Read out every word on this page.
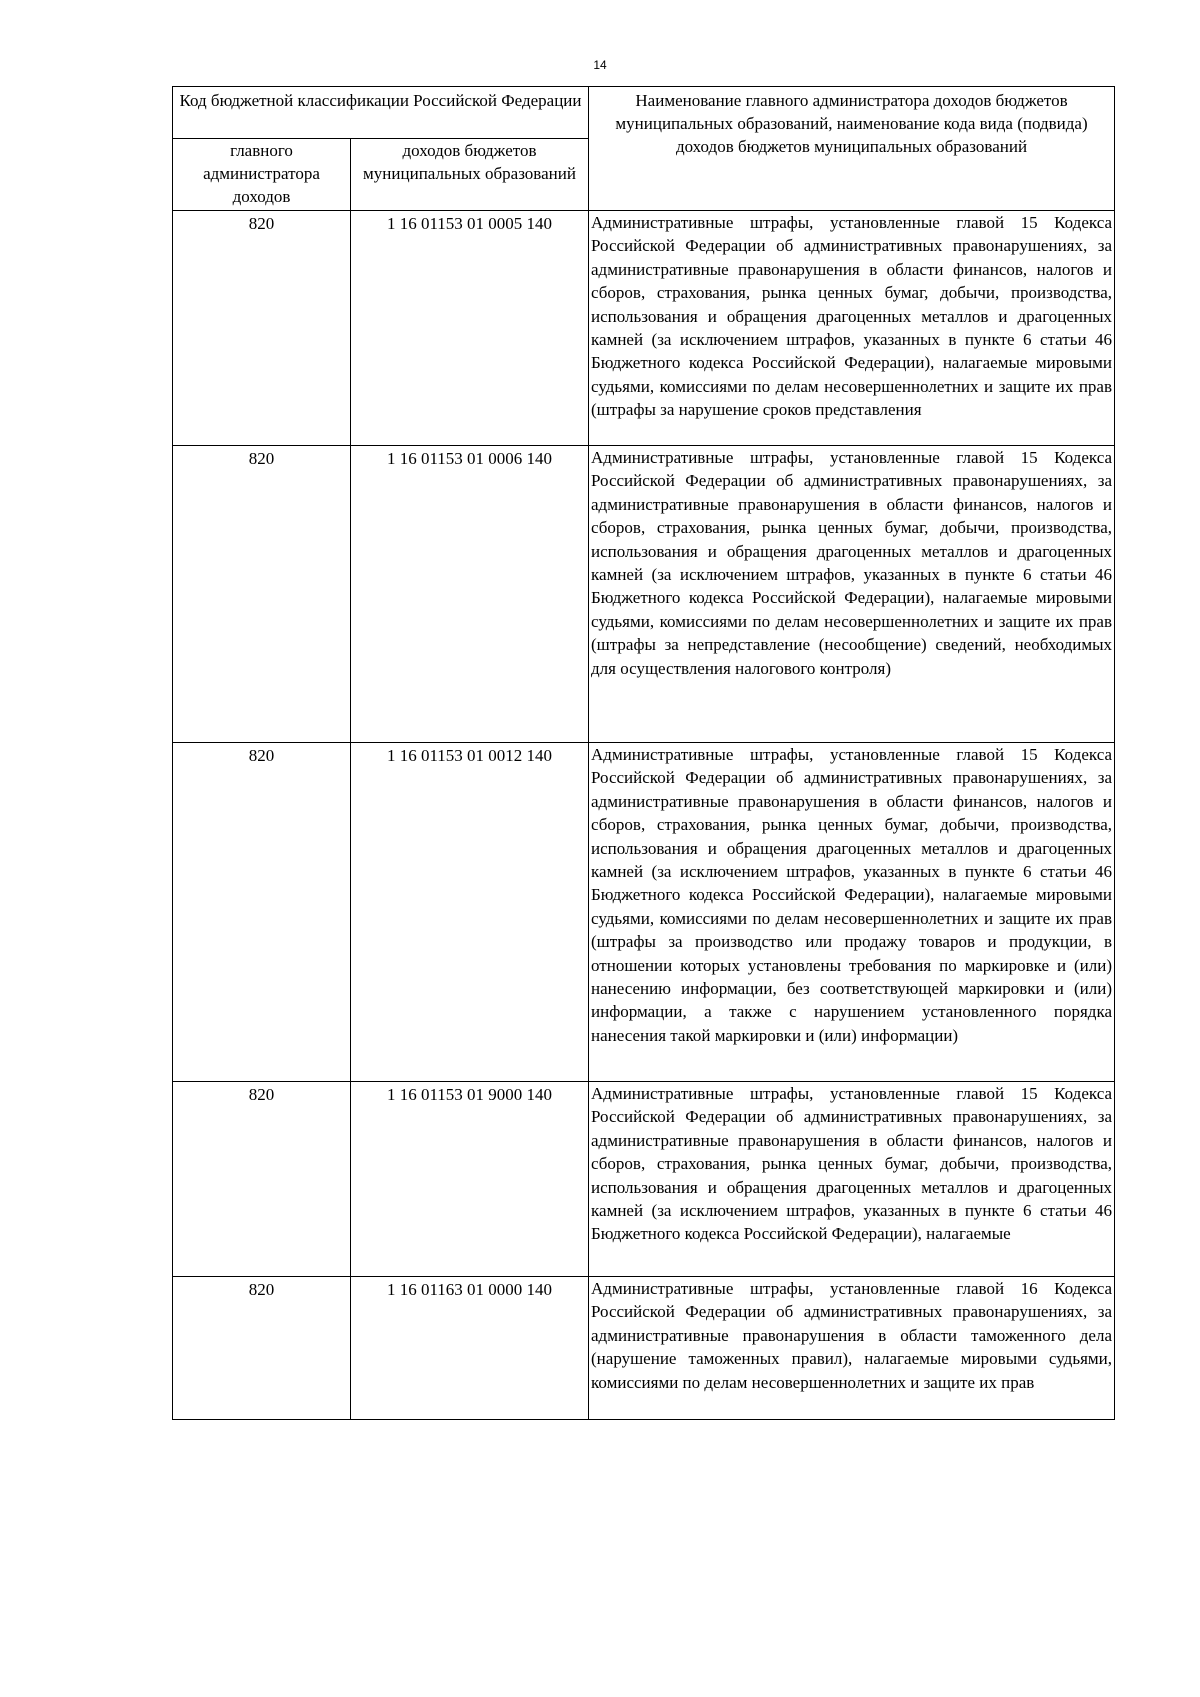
14
Код бюджетной классификации Российской Федерации		Наименование главного администратора доходов бюджетов муниципальных образований, наименование кода вида (подвида) доходов бюджетов муниципальных образований
главного администратора доходов	доходов бюджетов муниципальных образований	
820	1 16 01153 01 0005 140	Административные штрафы, установленные главой 15 Кодекса Российской Федерации об административных правонарушениях, за административные правонарушения в области финансов, налогов и сборов, страхования, рынка ценных бумаг, добычи, производства, использования и обращения драгоценных металлов и драгоценных камней (за исключением штрафов, указанных в пункте 6 статьи 46 Бюджетного кодекса Российской Федерации), налагаемые мировыми судьями, комиссиями по делам несовершеннолетних и защите их прав (штрафы за нарушение сроков представления

820	1 16 01153 01 0006 140	Административные штрафы, установленные главой 15 Кодекса Российской Федерации об административных правонарушениях, за административные правонарушения в области финансов, налогов и сборов, страхования, рынка ценных бумаг, добычи, производства, использования и обращения драгоценных металлов и драгоценных камней (за исключением штрафов, указанных в пункте 6 статьи 46 Бюджетного кодекса Российской Федерации), налагаемые мировыми судьями, комиссиями по делам несовершеннолетних и защите их прав (штрафы за непредставление (несообщение) сведений, необходимых для осуществления налогового контроля)

820	1 16 01153 01 0012 140	Административные штрафы, установленные главой 15 Кодекса Российской Федерации об административных правонарушениях, за административные правонарушения в области финансов, налогов и сборов, страхования, рынка ценных бумаг, добычи, производства, использования и обращения драгоценных металлов и драгоценных камней (за исключением штрафов, указанных в пункте 6 статьи 46 Бюджетного кодекса Российской Федерации), налагаемые мировыми судьями, комиссиями по делам несовершеннолетних и защите их прав (штрафы за производство или продажу товаров и продукции, в отношении которых установлены требования по маркировке и (или) нанесению информации, без соответствующей маркировки и (или) информации, а также с нарушением установленного порядка нанесения такой маркировки и (или) информации)

820	1 16 01153 01 9000 140	Административные штрафы, установленные главой 15 Кодекса Российской Федерации об административных правонарушениях, за административные правонарушения в области финансов, налогов и сборов, страхования, рынка ценных бумаг, добычи, производства, использования и обращения драгоценных металлов и драгоценных камней (за исключением штрафов, указанных в пункте 6 статьи 46 Бюджетного кодекса Российской Федерации), налагаемые

820	1 16 01163 01 0000 140	Административные штрафы, установленные главой 16 Кодекса Российской Федерации об административных правонарушениях, за административные правонарушения в области таможенного дела (нарушение таможенных правил), налагаемые мировыми судьями, комиссиями по делам несовершеннолетних и защите их прав
